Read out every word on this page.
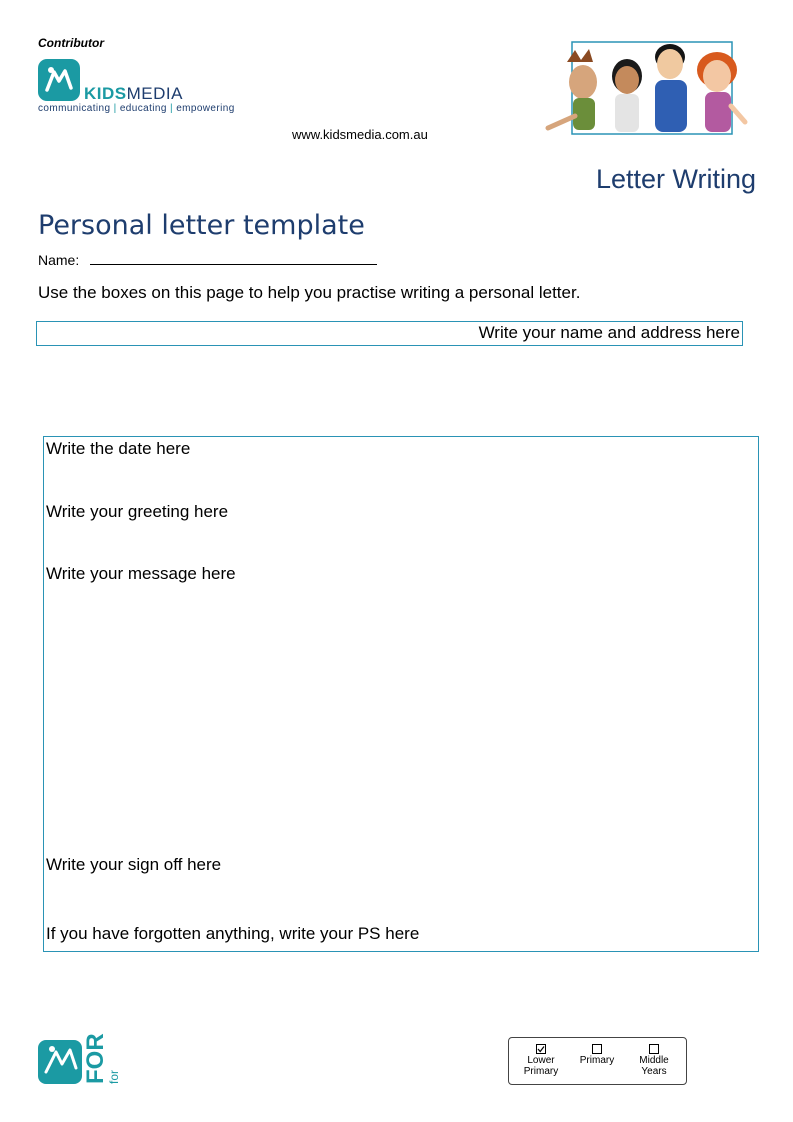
Contributor
KIDSMEDIA
communicating | educating | empowering
www.kidsmedia.com.au
Letter Writing
Personal letter template
Name:
Use the boxes on this page to help you practise writing a personal letter.
Write your name and address here
Write the date here
Write your greeting here
Write your message here
Write your sign off here
If you have forgotten anything, write your PS here
FOR
for
Lower
Primary
Primary	Middle
Years
